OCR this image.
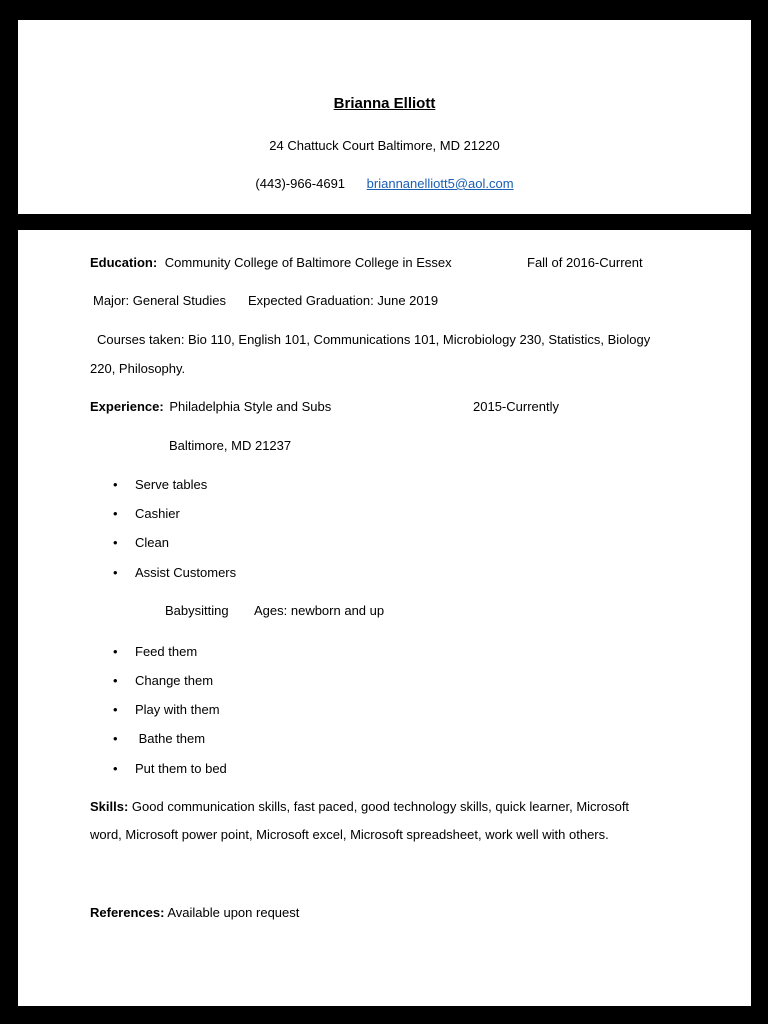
Brianna Elliott
24 Chattuck Court Baltimore, MD 21220
(443)-966-4691 briannanelliott5@aol.com
Education: Community College of Baltimore College in Essex	Fall of 2016-Current
Major: General Studies Expected Graduation: June 2019
Courses taken: Bio 110, English 101, Communications 101, Microbiology 230, Statistics, Biology
220, Philosophy.
Experience: Philadelphia Style and Subs	2015-Currently
Baltimore, MD 21237
• Serve tables
• Cashier
• Clean
• Assist Customers
Babysitting Ages: newborn and up
• Feed them
• Change them
• Play with them
• Bathe them
• Put them to bed
Skills: Good communication skills, fast paced, good technology skills, quick learner, Microsoft
word, Microsoft power point, Microsoft excel, Microsoft spreadsheet, work well with others.
References: Available upon request
